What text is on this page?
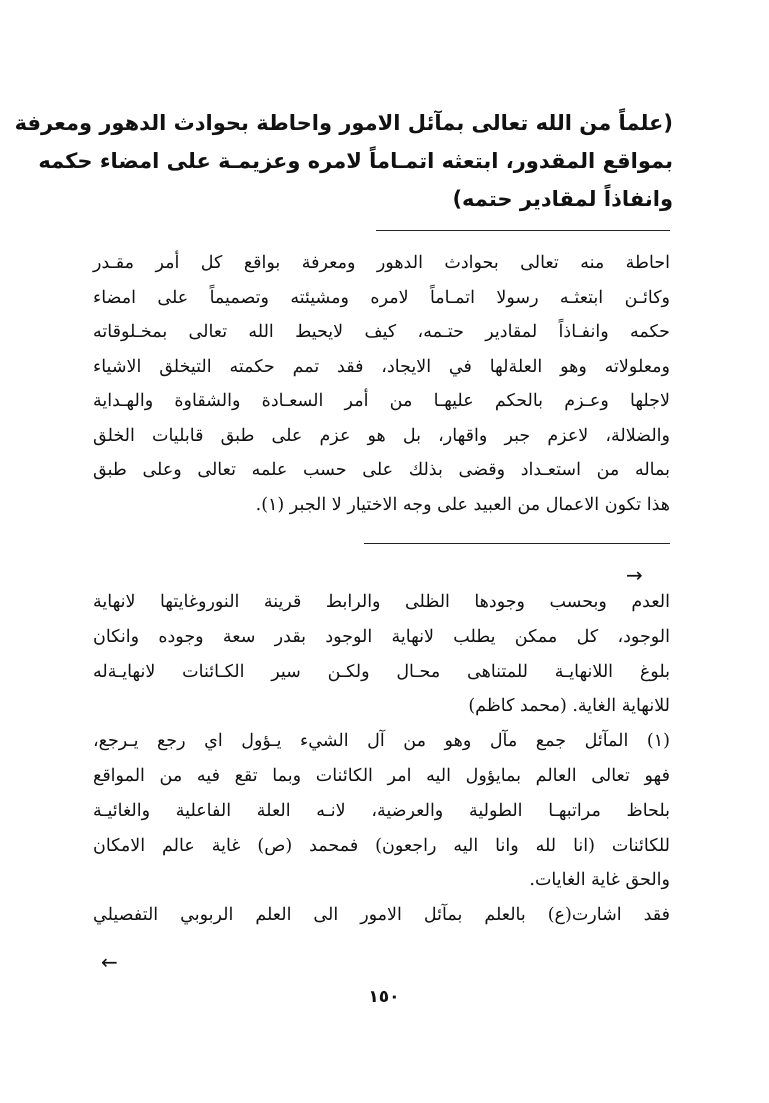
(علماً من الله تعالى بمآئل الامور واحاطة بحوادث الدهور ومعرفة
بمواقع المقدور، ابتعثه اتمـاماً لامره وعزيمـة على امضاء حكمه
وانفاذاً لمقادير حتمه)
احاطة منه تعالى بحوادث الدهور ومعرفة بواقع كل أمر مقـدر
وكائـن ابتعثـه رسولا اتمـاماً لامره ومشيئته وتصميماً على امضاء
حكمه وانفـاذاً لمقادير حتـمه، كيف لايحيط الله تعالى بمخـلوقاته
ومعلولاته وهو العلةلها في الايجاد، فقد تمم حكمته التيخلق الاشياء
لاجلها وعـزم بالحكم عليهـا من أمر السعـادة والشقاوة والهـداية
والضلالة، لاعزم جبر واقهار، بل هو عزم على طبق قابليات الخلق
بماله من استعـداد وقضى بذلك على حسب علمه تعالى وعلى طبق
هذا تكون الاعمال من العبيد على وجه الاختيار لا الجبر (١).
→
العدم وبحسب وجودها الظلى والرابط قرينة النوروغايتها لانهاية
الوجود، كل ممكن يطلب لانهاية الوجود بقدر سعة وجوده وانكان
بلوغ اللانهايـة للمتناهى محـال ولكـن سير الكـائنات لانهايـةله
للانهاية الغاية. (محمد كاظم)
(١) المآئل جمع مآل وهو من آل الشيء يـؤول اي رجع يـرجع،
فهو تعالى العالم بمايؤول اليه امر الكائنات وبما تقع فيه من المواقع
بلحاظ مراتبهـا الطولية والعرضية، لانـه العلة الفاعلية والغائيـة
للكائنات (انا لله وانا اليه راجعون) فمحمد (ص) غاية عالم الامكان
والحق غاية الغايات.
فقد اشارت(ع) بالعلم بمآئل الامور الى العلم الربوبي التفصيلي
←
١٥٠
